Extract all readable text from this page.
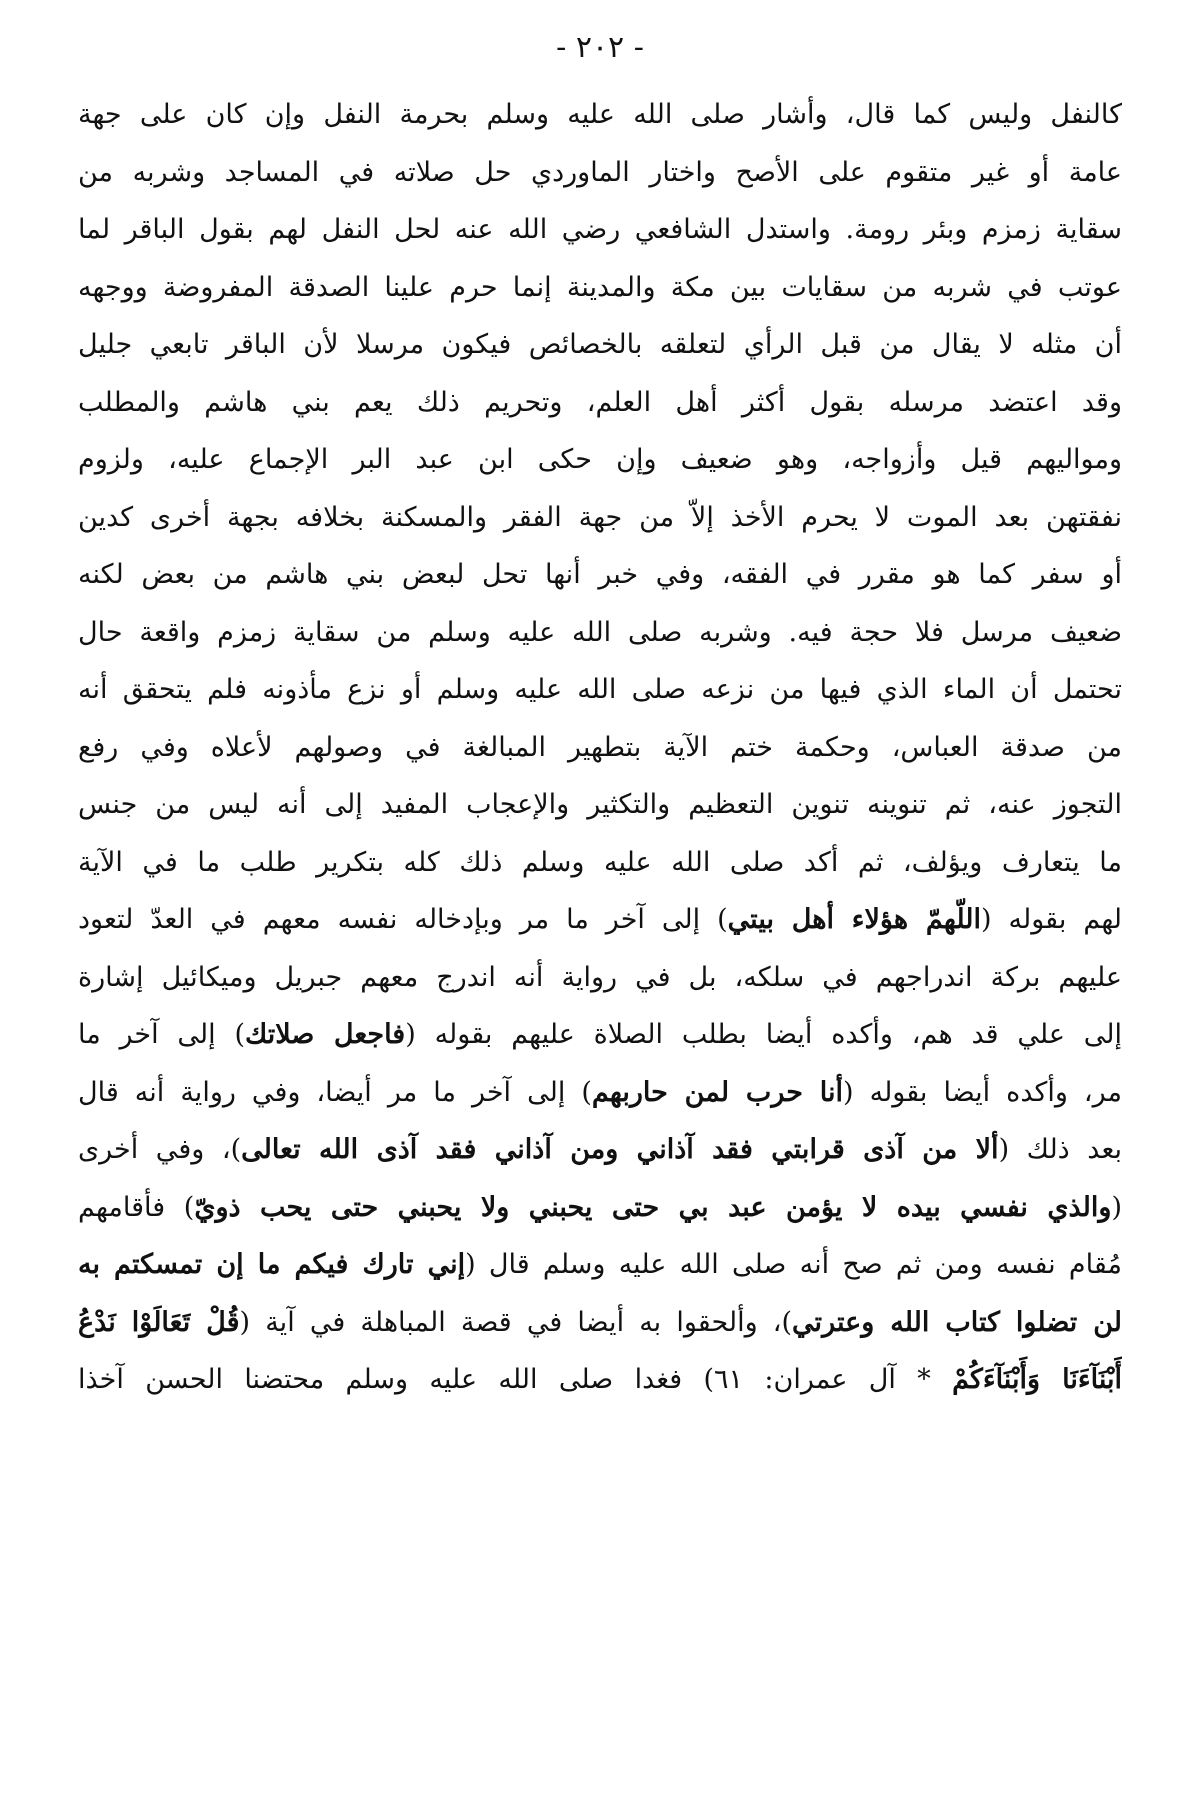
- ٢٠٢ -
كالنفل وليس كما قال، وأشار صلى الله عليه وسلم بحرمة النفل وإن كان على جهة
عامة أو غير متقوم على الأصح واختار الماوردي حل صلاته في المساجد وشربه من
سقاية زمزم وبئر رومة. واستدل الشافعي رضي الله عنه لحل النفل لهم بقول الباقر لما
عوتب في شربه من سقايات بين مكة والمدينة إنما حرم علينا الصدقة المفروضة ووجهه
أن مثله لا يقال من قبل الرأي لتعلقه بالخصائص فيكون مرسلا لأن الباقر تابعي جليل
وقد اعتضد مرسله بقول أكثر أهل العلم، وتحريم ذلك يعم بني هاشم والمطلب
ومواليهم قيل وأزواجه، وهو ضعيف وإن حكى ابن عبد البر الإجماع عليه، ولزوم
نفقتهن بعد الموت لا يحرم الأخذ إلاّ من جهة الفقر والمسكنة بخلافه بجهة أخرى كدين
أو سفر كما هو مقرر في الفقه، وفي خبر أنها تحل لبعض بني هاشم من بعض لكنه
ضعيف مرسل فلا حجة فيه. وشربه صلى الله عليه وسلم من سقاية زمزم واقعة حال
تحتمل أن الماء الذي فيها من نزعه صلى الله عليه وسلم أو نزع مأذونه فلم يتحقق أنه
من صدقة العباس، وحكمة ختم الآية بتطهير المبالغة في وصولهم لأعلاه وفي رفع
التجوز عنه، ثم تنوينه تنوين التعظيم والتكثير والإعجاب المفيد إلى أنه ليس من جنس
ما يتعارف ويؤلف، ثم أكد صلى الله عليه وسلم ذلك كله بتكرير طلب ما في الآية
لهم بقوله (اللّهمّ هؤلاء أهل بيتي) إلى آخر ما مر وبإدخاله نفسه معهم في العدّ لتعود
عليهم بركة اندراجهم في سلكه، بل في رواية أنه اندرج معهم جبريل وميكائيل إشارة
إلى علي قد هم، وأكده أيضا بطلب الصلاة عليهم بقوله (فاجعل صلاتك) إلى آخر ما
مر، وأكده أيضا بقوله (أنا حرب لمن حاربهم) إلى آخر ما مر أيضا، وفي رواية أنه قال
بعد ذلك (ألا من آذى قرابتي فقد آذاني ومن آذاني فقد آذى الله تعالى)، وفي أخرى
(والذي نفسي بيده لا يؤمن عبد بي حتى يحبني ولا يحبني حتى يحب ذويّ) فأقامهم
مُقام نفسه ومن ثم صح أنه صلى الله عليه وسلم قال (إني تارك فيكم ما إن تمسكتم به
لن تضلوا كتاب الله وعترتي)، وألحقوا به أيضا في قصة المباهلة في آية (قُلْ تَعَالَوْا نَدْعُ
أَبْنَآءَنَا وَأَبْنَآءَكُمْ * آل عمران: ٦١) فغدا صلى الله عليه وسلم محتضنا الحسن آخذا
